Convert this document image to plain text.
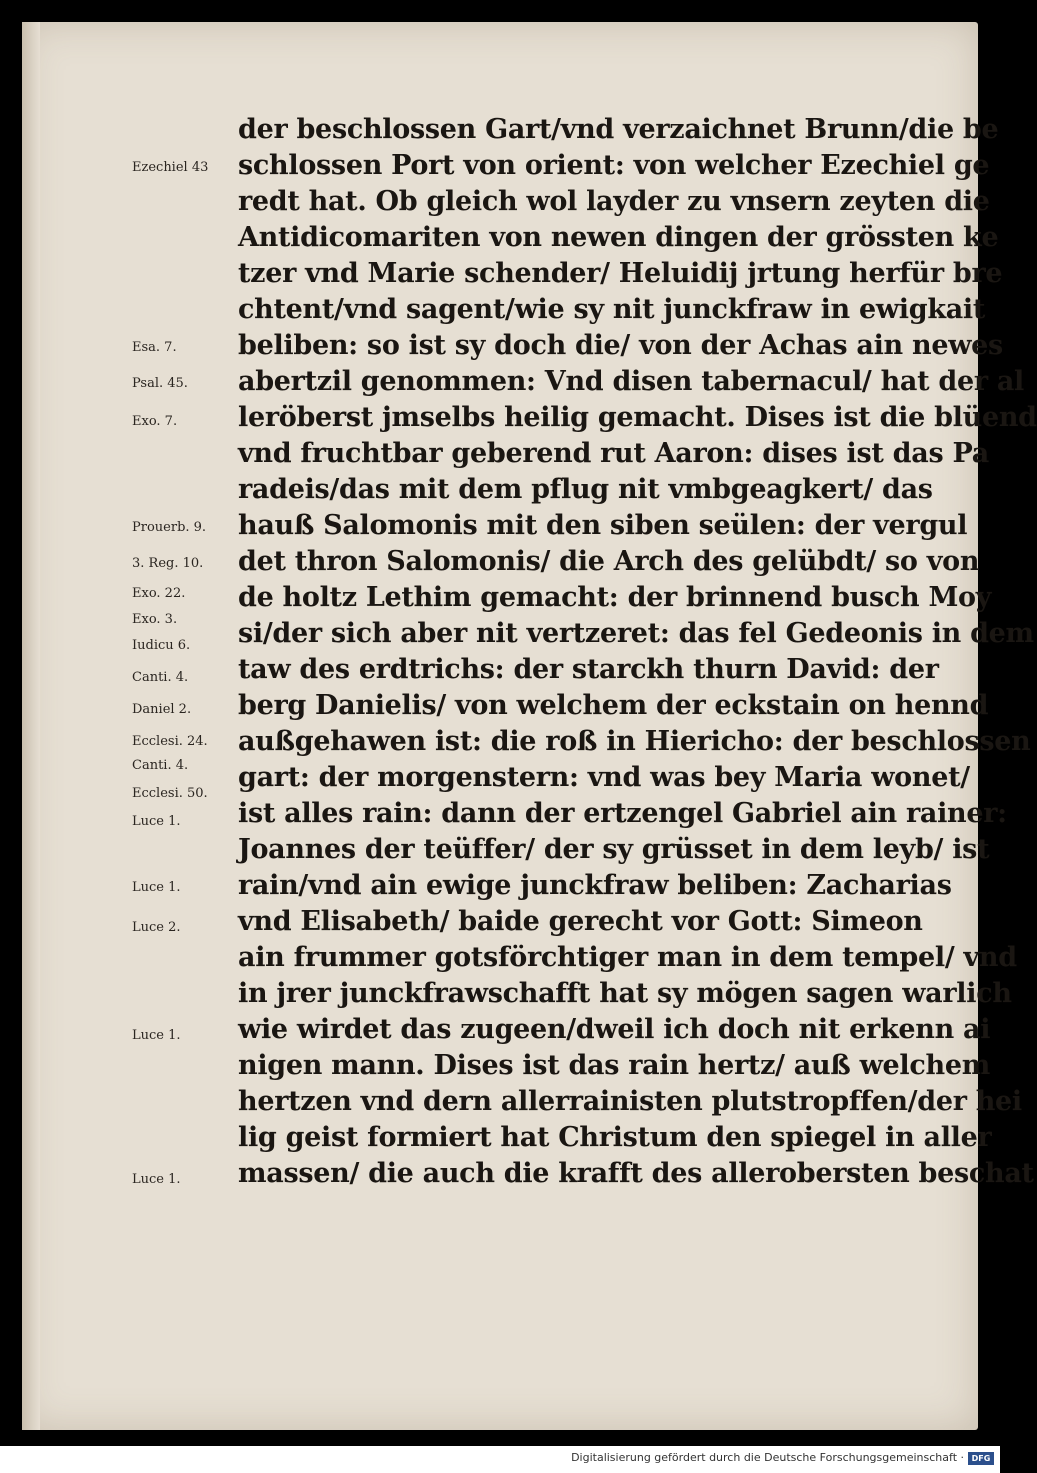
der beschlossen Gart/vnd verzaichnet Brunn/die be
schlossen Port von orient: von welcher Ezechiel ge
redt hat. Ob gleich wol layder zu vnsern zeyten die
Antidicomariten von newen dingen der grössten ke
tzer vnd Marie schender/ Heluidij jrtung herfür bre
chtent/vnd sagent/wie sy nit junckfraw in ewigkait
beliben: so ist sy doch die/ von der Achas ain newes
abertzil genommen: Vnd disen tabernacul/ hat der al
leröberst jmselbs heilig gemacht. Dises ist die blüend
vnd fruchtbar geberend rut Aaron: dises ist das Pa
radeis/das mit dem pflug nit vmbgeagkert/ das
hauß Salomonis mit den siben seülen: der vergul
det thron Salomonis/ die Arch des gelübdt/ so von
de holtz Lethim gemacht: der brinnend busch Moy
si/der sich aber nit vertzeret: das fel Gedeonis in dem
taw des erdtrichs: der starckh thurn David: der
berg Danielis/ von welchem der eckstain on hennd
außgehawen ist: die roß in Hiericho: der beschlossen
gart: der morgenstern: vnd was bey Maria wonet/
ist alles rain: dann der ertzengel Gabriel ain rainer:
Joannes der teüffer/ der sy grüsset in dem leyb/ ist
rain/vnd ain ewige junckfraw beliben: Zacharias
vnd Elisabeth/ baide gerecht vor Gott: Simeon
ain frummer gotsförchtiger man in dem tempel/ vnd
in jrer junckfrawschafft hat sy mögen sagen warlich
wie wirdet das zugeen/dweil ich doch nit erkenn ai
nigen mann. Dises ist das rain hertz/ auß welchem
hertzen vnd dern allerrainisten plutstropffen/der hei
lig geist formiert hat Christum den spiegel in aller
massen/ die auch die krafft des allerobersten beschat
Ezechiel 43
Esa. 7.
Psal. 45.
Exo. 7.
Prouerb. 9.
3. Reg. 10.
Exo. 22.
Exo. 3.
Iudicu 6.
Canti. 4.
Daniel 2.
Ecclesi. 24.
Canti. 4.
Ecclesi. 50.
Luce 1.
Luce 1.
Luce 2.
Luce 1.
Luce 1.
Digitalisierung gefördert durch die Deutsche Forschungsgemeinschaft · DFG
